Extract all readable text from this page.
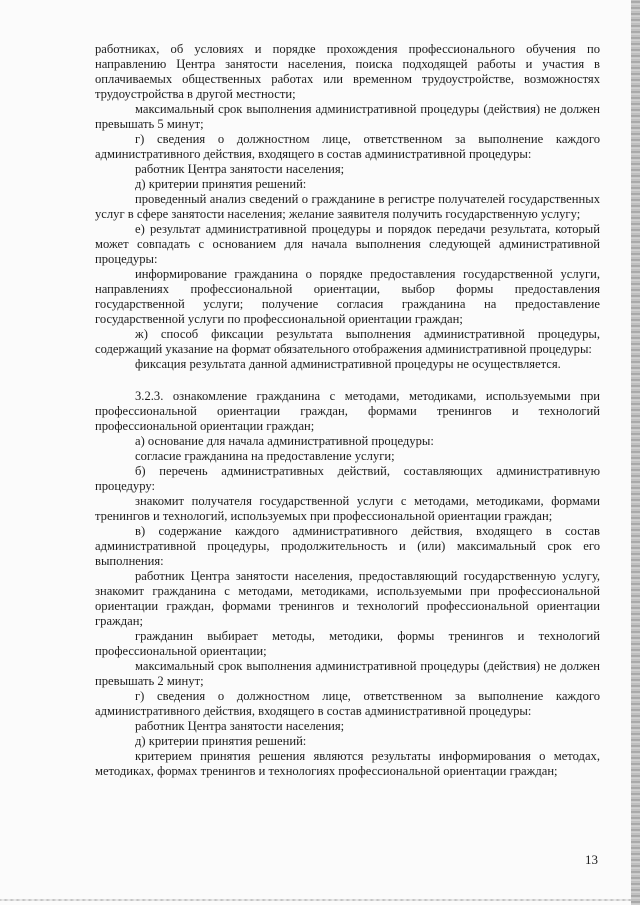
работниках, об условиях и порядке прохождения профессионального обучения по направлению Центра занятости населения, поиска подходящей работы и участия в оплачиваемых общественных работах или временном трудоустройстве, возможностях трудоустройства в другой местности;

максимальный срок выполнения административной процедуры (действия) не должен превышать 5 минут;

г) сведения о должностном лице, ответственном за выполнение каждого административного действия, входящего в состав административной процедуры:

работник Центра занятости населения;

д) критерии принятия решений:

проведенный анализ сведений о гражданине в регистре получателей государственных услуг в сфере занятости населения; желание заявителя получить государственную услугу;

е) результат административной процедуры и порядок передачи результата, который может совпадать с основанием для начала выполнения следующей административной процедуры:

информирование гражданина о порядке предоставления государственной услуги, направлениях профессиональной ориентации, выбор формы предоставления государственной услуги; получение согласия гражданина на предоставление государственной услуги по профессиональной ориентации граждан;

ж) способ фиксации результата выполнения административной процедуры, содержащий указание на формат обязательного отображения административной процедуры:

фиксация результата данной административной процедуры не осуществляется.

3.2.3. ознакомление гражданина с методами, методиками, используемыми при профессиональной ориентации граждан, формами тренингов и технологий профессиональной ориентации граждан;

а) основание для начала административной процедуры:

согласие гражданина на предоставление услуги;

б) перечень административных действий, составляющих административную процедуру:

знакомит получателя государственной услуги с методами, методиками, формами тренингов и технологий, используемых при профессиональной ориентации граждан;

в) содержание каждого административного действия, входящего в состав административной процедуры, продолжительность и (или) максимальный срок его выполнения:

работник Центра занятости населения, предоставляющий государственную услугу, знакомит гражданина с методами, методиками, используемыми при профессиональной ориентации граждан, формами тренингов и технологий профессиональной ориентации граждан;

гражданин выбирает методы, методики, формы тренингов и технологий профессиональной ориентации;

максимальный срок выполнения административной процедуры (действия) не должен превышать 2 минут;

г) сведения о должностном лице, ответственном за выполнение каждого административного действия, входящего в состав административной процедуры:

работник Центра занятости населения;

д) критерии принятия решений:

критерием принятия решения являются результаты информирования о методах, методиках, формах тренингов и технологиях профессиональной ориентации граждан;

13
